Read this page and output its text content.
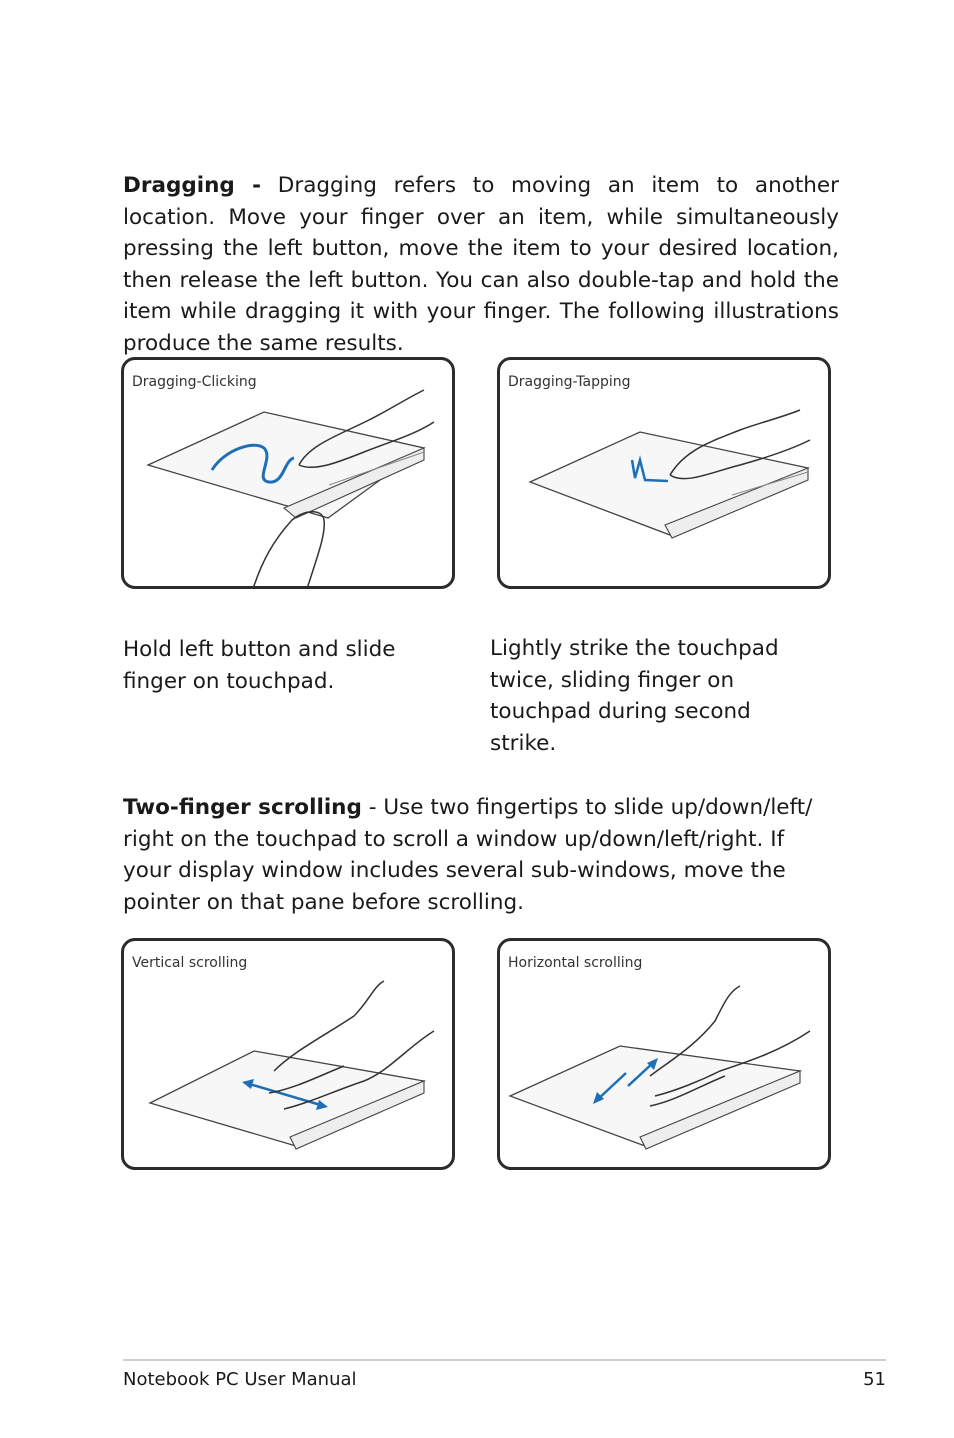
Dragging - Dragging refers to moving an item to another location. Move your finger over an item, while simultaneously pressing the left button, move the item to your desired location, then release the left button. You can also double-tap and hold the item while dragging it with your finger. The following illustrations produce the same results.

Dragging-Clicking	Dragging-Tapping

Hold left button and slide finger on touchpad.

Lightly strike the touchpad twice, sliding finger on touchpad during second strike.

Two-finger scrolling - Use two fingertips to slide up/down/left/ right on the touchpad to scroll a window up/down/left/right. If your display window includes several sub-windows, move the pointer on that pane before scrolling.

Vertical scrolling	Horizontal scrolling
Notebook PC User Manual	51
